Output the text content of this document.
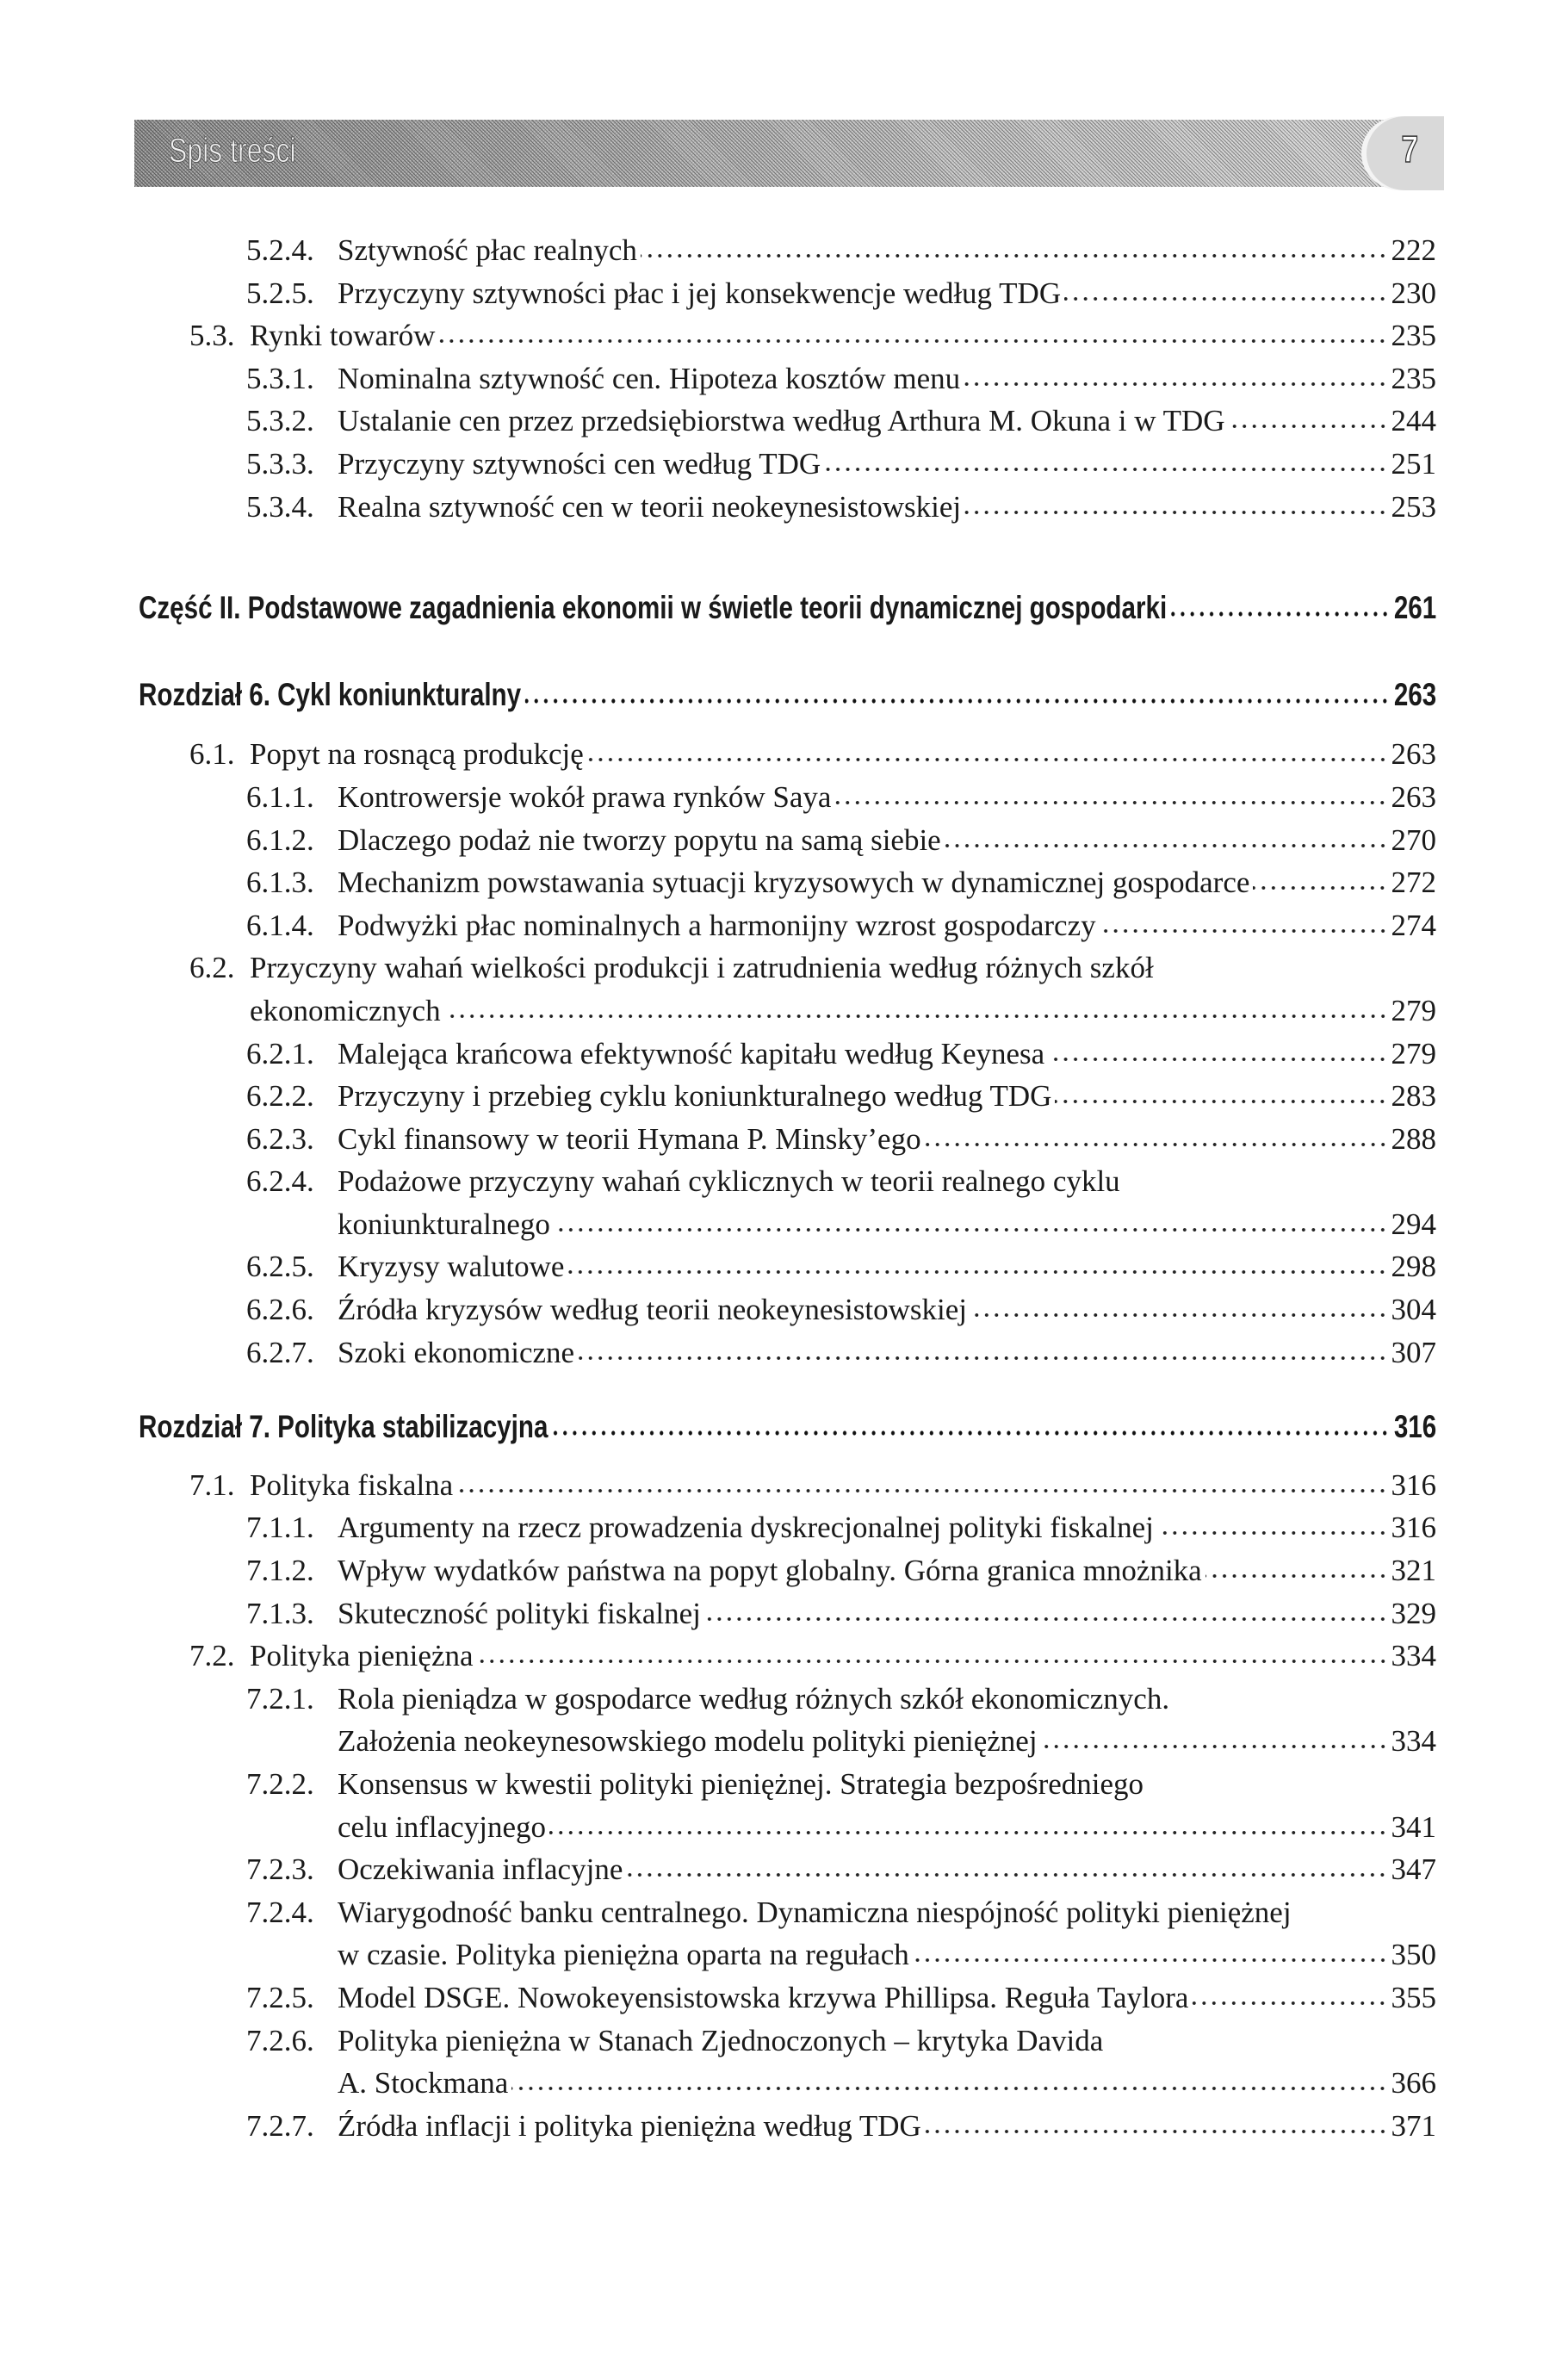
Spis treści	7
5.2.4. Sztywność płac realnych	222
5.2.5. Przyczyny sztywności płac i jej konsekwencje według TDG	230
5.3. Rynki towarów	235
5.3.1. Nominalna sztywność cen. Hipoteza kosztów menu	235
5.3.2. Ustalanie cen przez przedsiębiorstwa według Arthura M. Okuna i w TDG	244
5.3.3. Przyczyny sztywności cen według TDG	251
5.3.4. Realna sztywność cen w teorii neokeynesistowskiej	253
Część II. Podstawowe zagadnienia ekonomii w świetle teorii dynamicznej gospodarki	261
Rozdział 6. Cykl koniunkturalny	263
6.1. Popyt na rosnącą produkcję	263
6.1.1. Kontrowersje wokół prawa rynków Saya	263
6.1.2. Dlaczego podaż nie tworzy popytu na samą siebie	270
6.1.3. Mechanizm powstawania sytuacji kryzysowych w dynamicznej gospodarce	272
6.1.4. Podwyżki płac nominalnych a harmonijny wzrost gospodarczy	274
6.2. Przyczyny wahań wielkości produkcji i zatrudnienia według różnych szkół
ekonomicznych	279
6.2.1. Malejąca krańcowa efektywność kapitału według Keynesa	279
6.2.2. Przyczyny i przebieg cyklu koniunkturalnego według TDG	283
6.2.3. Cykl finansowy w teorii Hymana P. Minsky’ego	288
6.2.4. Podażowe przyczyny wahań cyklicznych w teorii realnego cyklu
koniunkturalnego	294
6.2.5. Kryzysy walutowe	298
6.2.6. Źródła kryzysów według teorii neokeynesistowskiej	304
6.2.7. Szoki ekonomiczne	307
Rozdział 7. Polityka stabilizacyjna	316
7.1. Polityka fiskalna	316
7.1.1. Argumenty na rzecz prowadzenia dyskrecjonalnej polityki fiskalnej	316
7.1.2. Wpływ wydatków państwa na popyt globalny. Górna granica mnożnika	321
7.1.3. Skuteczność polityki fiskalnej	329
7.2. Polityka pieniężna	334
7.2.1. Rola pieniądza w gospodarce według różnych szkół ekonomicznych.
Założenia neokeynesowskiego modelu polityki pieniężnej	334
7.2.2. Konsensus w kwestii polityki pieniężnej. Strategia bezpośredniego
celu inflacyjnego	341
7.2.3. Oczekiwania inflacyjne	347
7.2.4. Wiarygodność banku centralnego. Dynamiczna niespójność polityki pieniężnej
w czasie. Polityka pieniężna oparta na regułach	350
7.2.5. Model DSGE. Nowokeyensistowska krzywa Phillipsa. Reguła Taylora	355
7.2.6. Polityka pieniężna w Stanach Zjednoczonych – krytyka Davida
A. Stockmana	366
7.2.7. Źródła inflacji i polityka pieniężna według TDG	371
